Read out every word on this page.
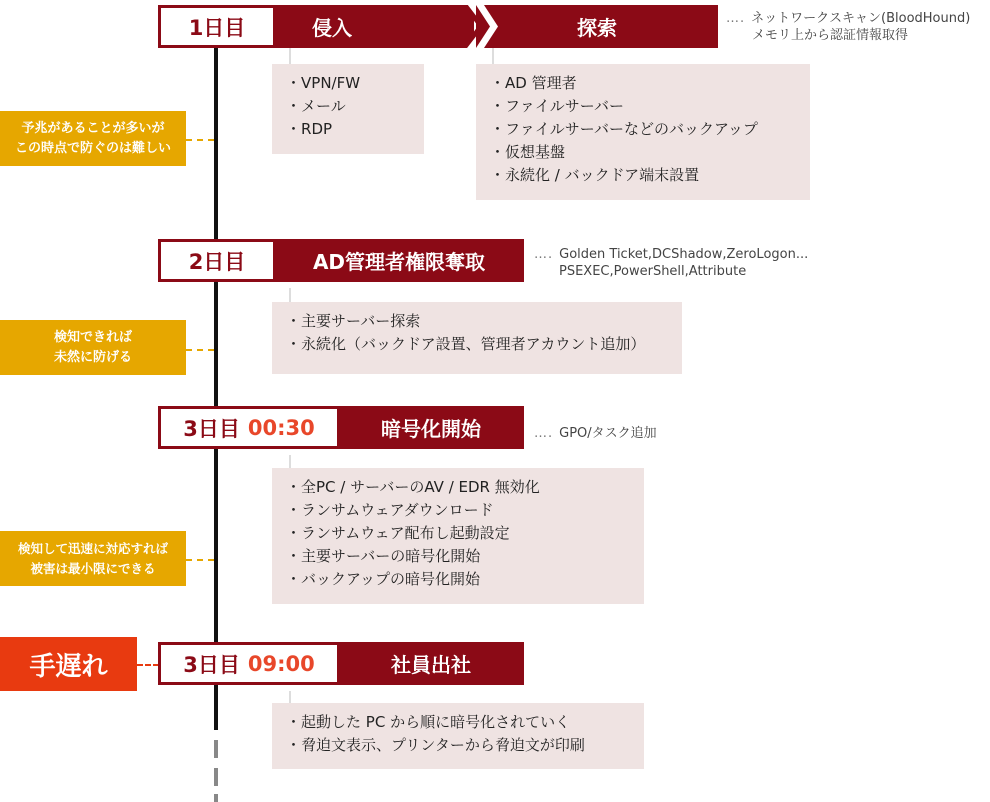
1日目	侵入	探索	…. ネットワークスキャン(BloodHound)
メモリ上から認証情報取得
・ VPN/FW
・ メール
・ RDP
・ AD 管理者
・ ファイルサーバー
・ ファイルサーバーなどのバックアップ
・ 仮想基盤
・ 永続化 / バックドア端末設置
予兆があることが多いが
この時点で防ぐのは難しい
2日目	AD管理者権限奪取	…. Golden Ticket,DCShadow,ZeroLogon...
PSEXEC,PowerShell,Attribute
・ 主要サーバー探索
・ 永続化（バックドア設置、管理者アカウント追加）
検知できれば
未然に防げる
3日目 00:30	暗号化開始	…. GPO/タスク追加
・ 全PC / サーバーのAV / EDR 無効化
・ ランサムウェアダウンロード
・ ランサムウェア配布し起動設定
・ 主要サーバーの暗号化開始
・ バックアップの暗号化開始
検知して迅速に対応すれば
被害は最小限にできる
手遅れ	3日目 09:00	社員出社
・ 起動した PC から順に暗号化されていく
・ 脅迫文表示、プリンターから脅迫文が印刷
